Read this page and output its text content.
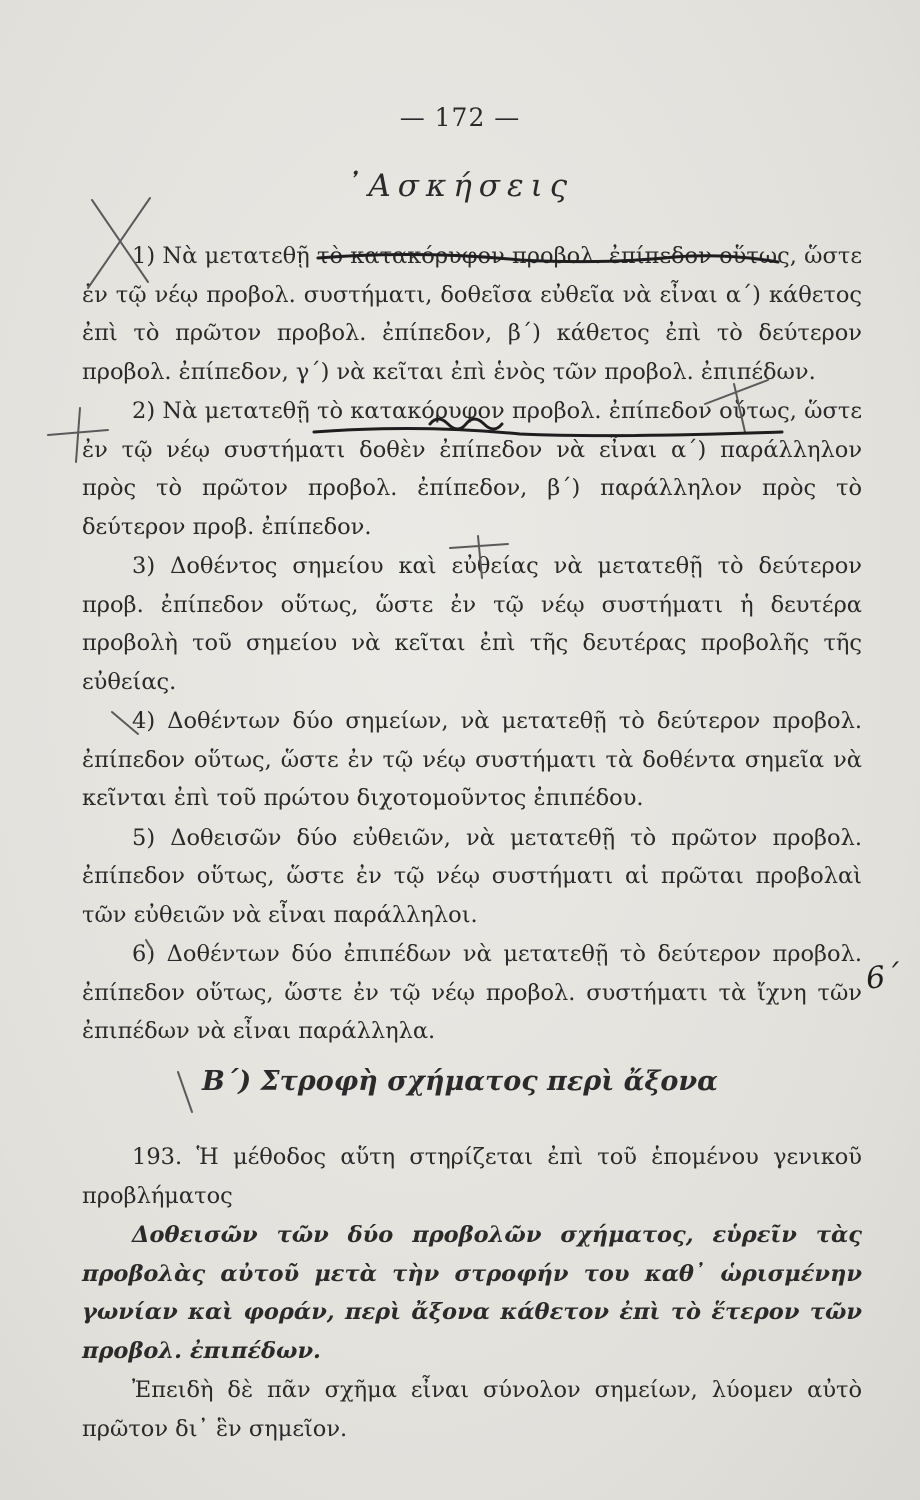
— 172 —
᾿Ασκήσεις

1) Νὰ μετατεθῇ τὸ κατακόρυφον προβολ. ἐπίπεδον οὕτως, ὥστε ἐν τῷ νέῳ προβολ. συστήματι, δοθεῖσα εὐθεῖα νὰ εἶναι α΄) κάθετος ἐπὶ τὸ πρῶτον προβολ. ἐπίπεδον, β΄) κάθετος ἐπὶ τὸ δεύτερον προβολ. ἐπίπεδον, γ΄) νὰ κεῖται ἐπὶ ἑνὸς τῶν προβολ. ἐπιπέδων.

2) Νὰ μετατεθῇ τὸ κατακόρυφον προβολ. ἐπίπεδον οὕτως, ὥστε ἐν τῷ νέῳ συστήματι δοθὲν ἐπίπεδον νὰ εἶναι α΄) παράλληλον πρὸς τὸ πρῶτον προβολ. ἐπίπεδον, β΄) παράλληλον πρὸς τὸ δεύτερον προβ. ἐπίπεδον.

3) Δοθέντος σημείου καὶ εὐθείας νὰ μετατεθῇ τὸ δεύτερον προβ. ἐπίπεδον οὕτως, ὥστε ἐν τῷ νέῳ συστήματι ἡ δευτέρα προβολὴ τοῦ σημείου νὰ κεῖται ἐπὶ τῆς δευτέρας προβολῆς τῆς εὐθείας.

4) Δοθέντων δύο σημείων, νὰ μετατεθῇ τὸ δεύτερον προβολ. ἐπίπεδον οὕτως, ὥστε ἐν τῷ νέῳ συστήματι τὰ δοθέντα σημεῖα νὰ κεῖνται ἐπὶ τοῦ πρώτου διχοτομοῦντος ἐπιπέδου.

5) Δοθεισῶν δύο εὐθειῶν, νὰ μετατεθῇ τὸ πρῶτον προβολ. ἐπίπεδον οὕτως, ὥστε ἐν τῷ νέῳ συστήματι αἱ πρῶται προβολαὶ τῶν εὐθειῶν νὰ εἶναι παράλληλοι.

6) Δοθέντων δύο ἐπιπέδων νὰ μετατεθῇ τὸ δεύτερον προβολ. ἐπίπεδον οὕτως, ὥστε ἐν τῷ νέῳ προβολ. συστήματι τὰ ἴχνη τῶν ἐπιπέδων νὰ εἶναι παράλληλα.

6΄
Β΄) Στροφὴ σχήματος περὶ ἄξονα

193. Ἡ μέθοδος αὕτη στηρίζεται ἐπὶ τοῦ ἑπομένου γενικοῦ προβλήματος

Δοθεισῶν τῶν δύο προβολῶν σχήματος, εὑρεῖν τὰς προβολὰς αὐτοῦ μετὰ τὴν στροφήν του καθ᾿ ὡρισμένην γωνίαν καὶ φοράν, περὶ ἄξονα κάθετον ἐπὶ τὸ ἕτερον τῶν προβολ. ἐπιπέδων.

Ἐπειδὴ δὲ πᾶν σχῆμα εἶναι σύνολον σημείων, λύομεν αὐτὸ πρῶτον δι᾿ ἓν σημεῖον.
